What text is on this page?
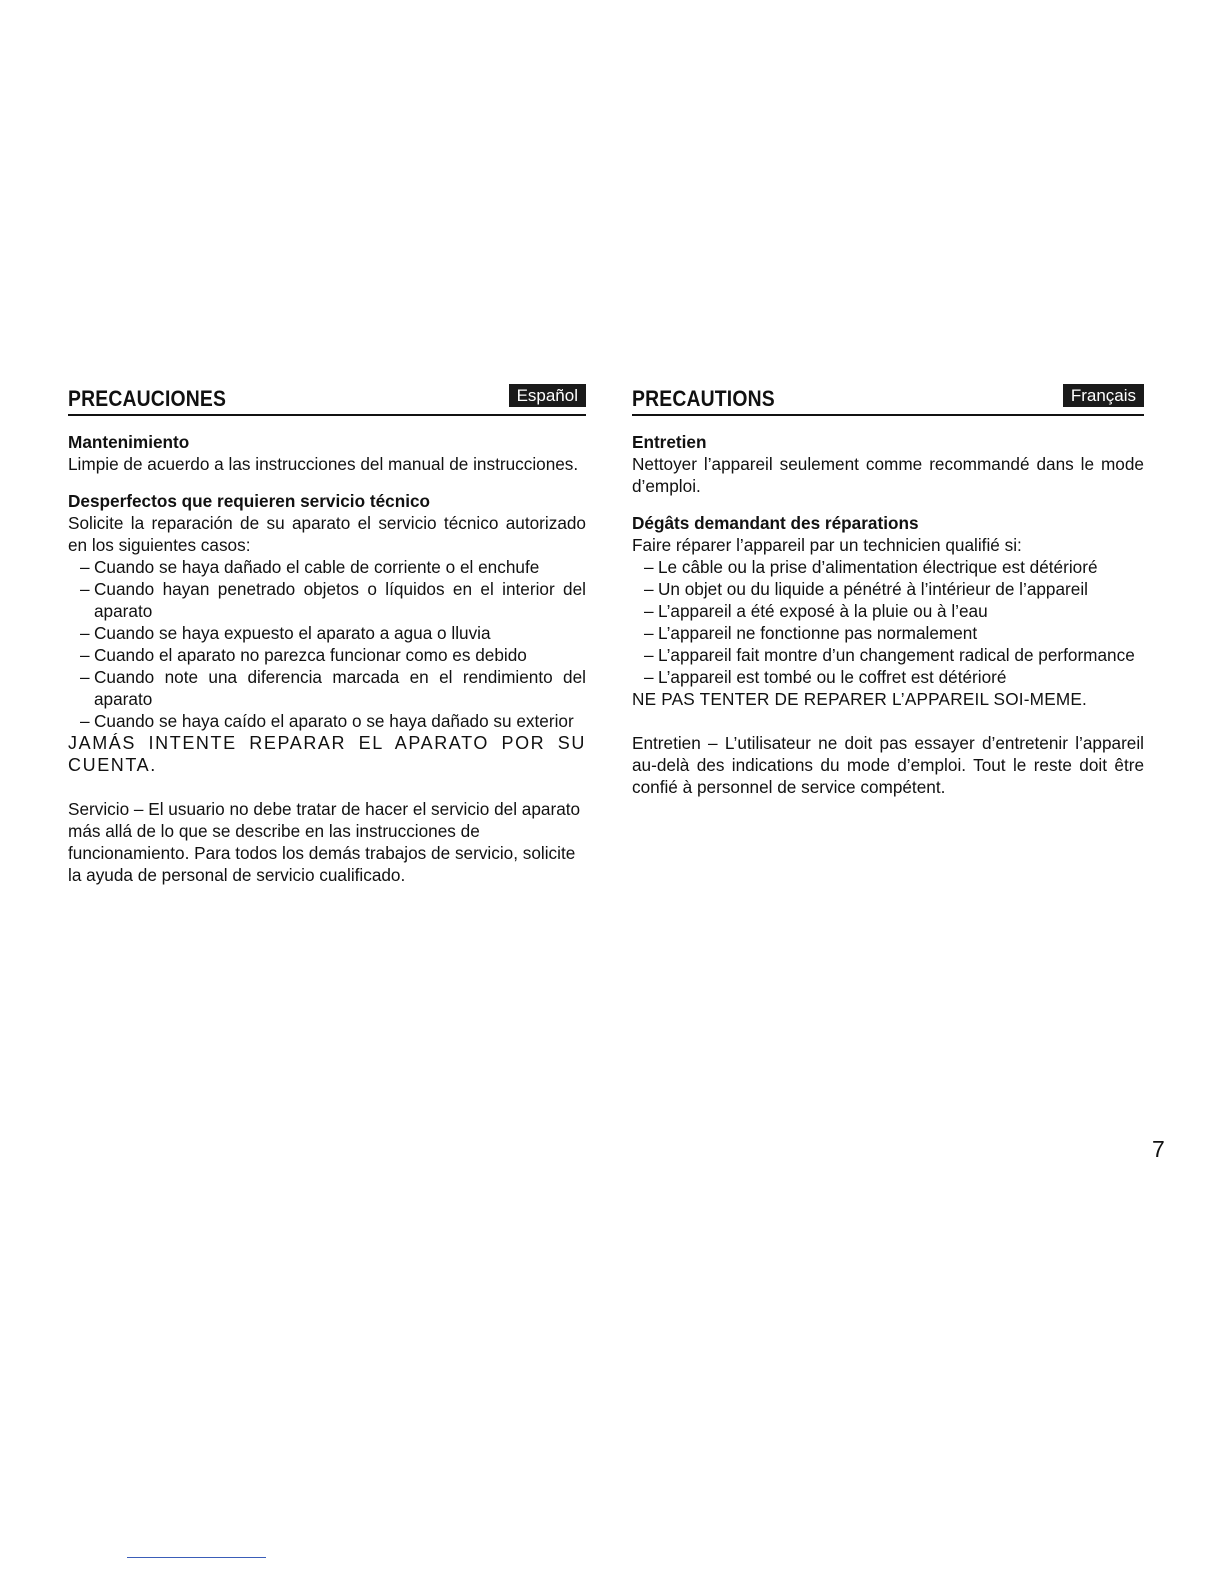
PRECAUCIONES	Español
Mantenimiento

Limpie de acuerdo a las instrucciones del manual de instrucciones.

Desperfectos que requieren servicio técnico

Solicite la reparación de su aparato el servicio técnico autorizado en los siguientes casos:

– Cuando se haya dañado el cable de corriente o el enchufe
– Cuando hayan penetrado objetos o líquidos en el interior del aparato
– Cuando se haya expuesto el aparato a agua o lluvia
– Cuando el aparato no parezca funcionar como es debido
– Cuando note una diferencia marcada en el rendimiento del aparato
– Cuando se haya caído el aparato o se haya dañado su exterior

JAMÁS INTENTE REPARAR EL APARATO POR SU CUENTA.

Servicio – El usuario no debe tratar de hacer el servicio del aparato más allá de lo que se describe en las instrucciones de funcionamiento. Para todos los demás trabajos de servicio, solicite la ayuda de personal de servicio cualificado.

PRECAUTIONS	Français
Entretien

Nettoyer l’appareil seulement comme recommandé dans le mode d’emploi.

Dégâts demandant des réparations

Faire réparer l’appareil par un technicien qualifié si:

– Le câble ou la prise d’alimentation électrique est détérioré
– Un objet ou du liquide a pénétré à l’intérieur de l’appareil
– L’appareil a été exposé à la pluie ou à l’eau
– L’appareil ne fonctionne pas normalement
– L’appareil fait montre d’un changement radical de performance
– L’appareil est tombé ou le coffret est détérioré

NE PAS TENTER DE REPARER L’APPAREIL SOI-MEME.

Entretien – L’utilisateur ne doit pas essayer d’entretenir l’appareil au-delà des indications du mode d’emploi. Tout le reste doit être confié à personnel de service compétent.

7
